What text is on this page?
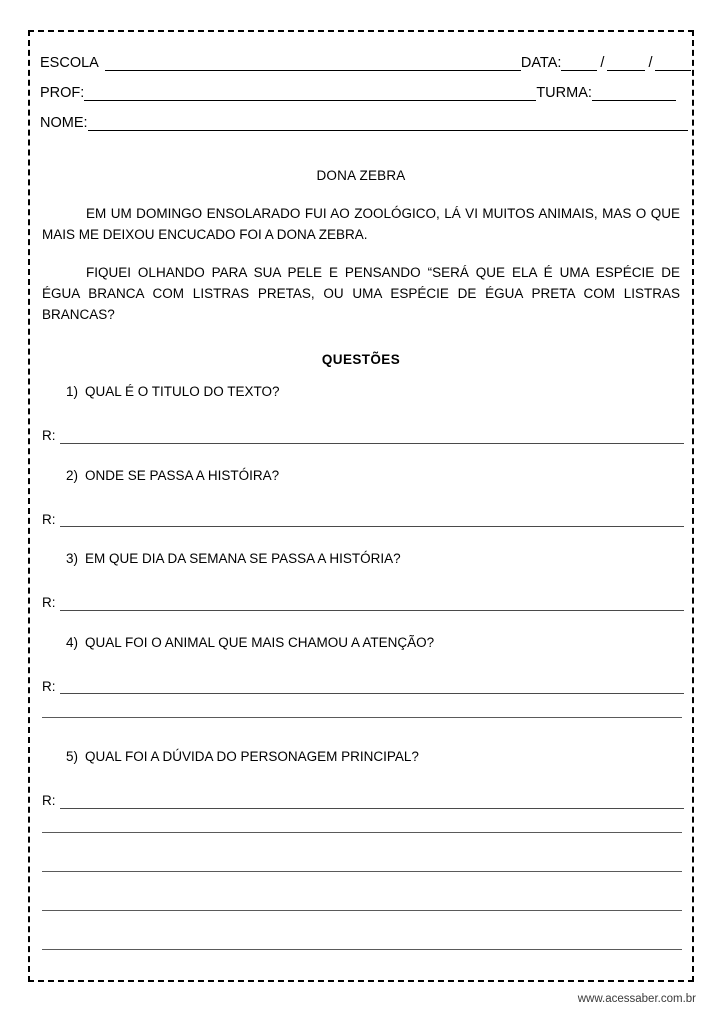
ESCOLA	DATA:	/	/
PROF:	TURMA:
NOME:
DONA ZEBRA

EM UM DOMINGO ENSOLARADO FUI AO ZOOLÓGICO, LÁ VI MUITOS ANIMAIS, MAS O QUE MAIS ME DEIXOU ENCUCADO FOI A DONA ZEBRA.

FIQUEI OLHANDO PARA SUA PELE E PENSANDO “SERÁ QUE ELA É UMA ESPÉCIE DE ÉGUA BRANCA COM LISTRAS PRETAS, OU UMA ESPÉCIE DE ÉGUA PRETA COM LISTRAS BRANCAS?

QUESTÕES
1) QUAL É O TITULO DO TEXTO?
R:
2) ONDE SE PASSA A HISTÓIRA?
R:
3) EM QUE DIA DA SEMANA SE PASSA A HISTÓRIA?
R:
4) QUAL FOI O ANIMAL QUE MAIS CHAMOU A ATENÇÃO?
R:
5) QUAL FOI A DÚVIDA DO PERSONAGEM PRINCIPAL?
R:
www.acessaber.com.br
